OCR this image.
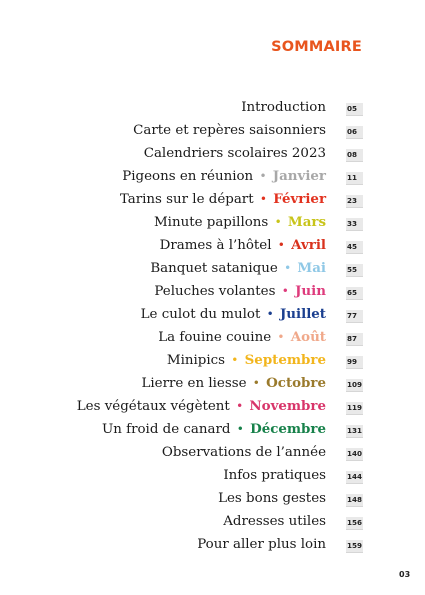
SOMMAIRE
Introduction	05
Carte et repères saisonniers	06
Calendriers scolaires 2023	08
Pigeons en réunion • Janvier	11
Tarins sur le départ • Février	23
Minute papillons • Mars	33
Drames à l’hôtel • Avril	45
Banquet satanique • Mai	55
Peluches volantes • Juin	65
Le culot du mulot • Juillet	77
La fouine couine • Août	87
Minipics • Septembre	99
Lierre en liesse • Octobre	109
Les végétaux végètent • Novembre	119
Un froid de canard • Décembre	131
Observations de l’année	140
Infos pratiques	144
Les bons gestes	148
Adresses utiles	156
Pour aller plus loin	159
03
